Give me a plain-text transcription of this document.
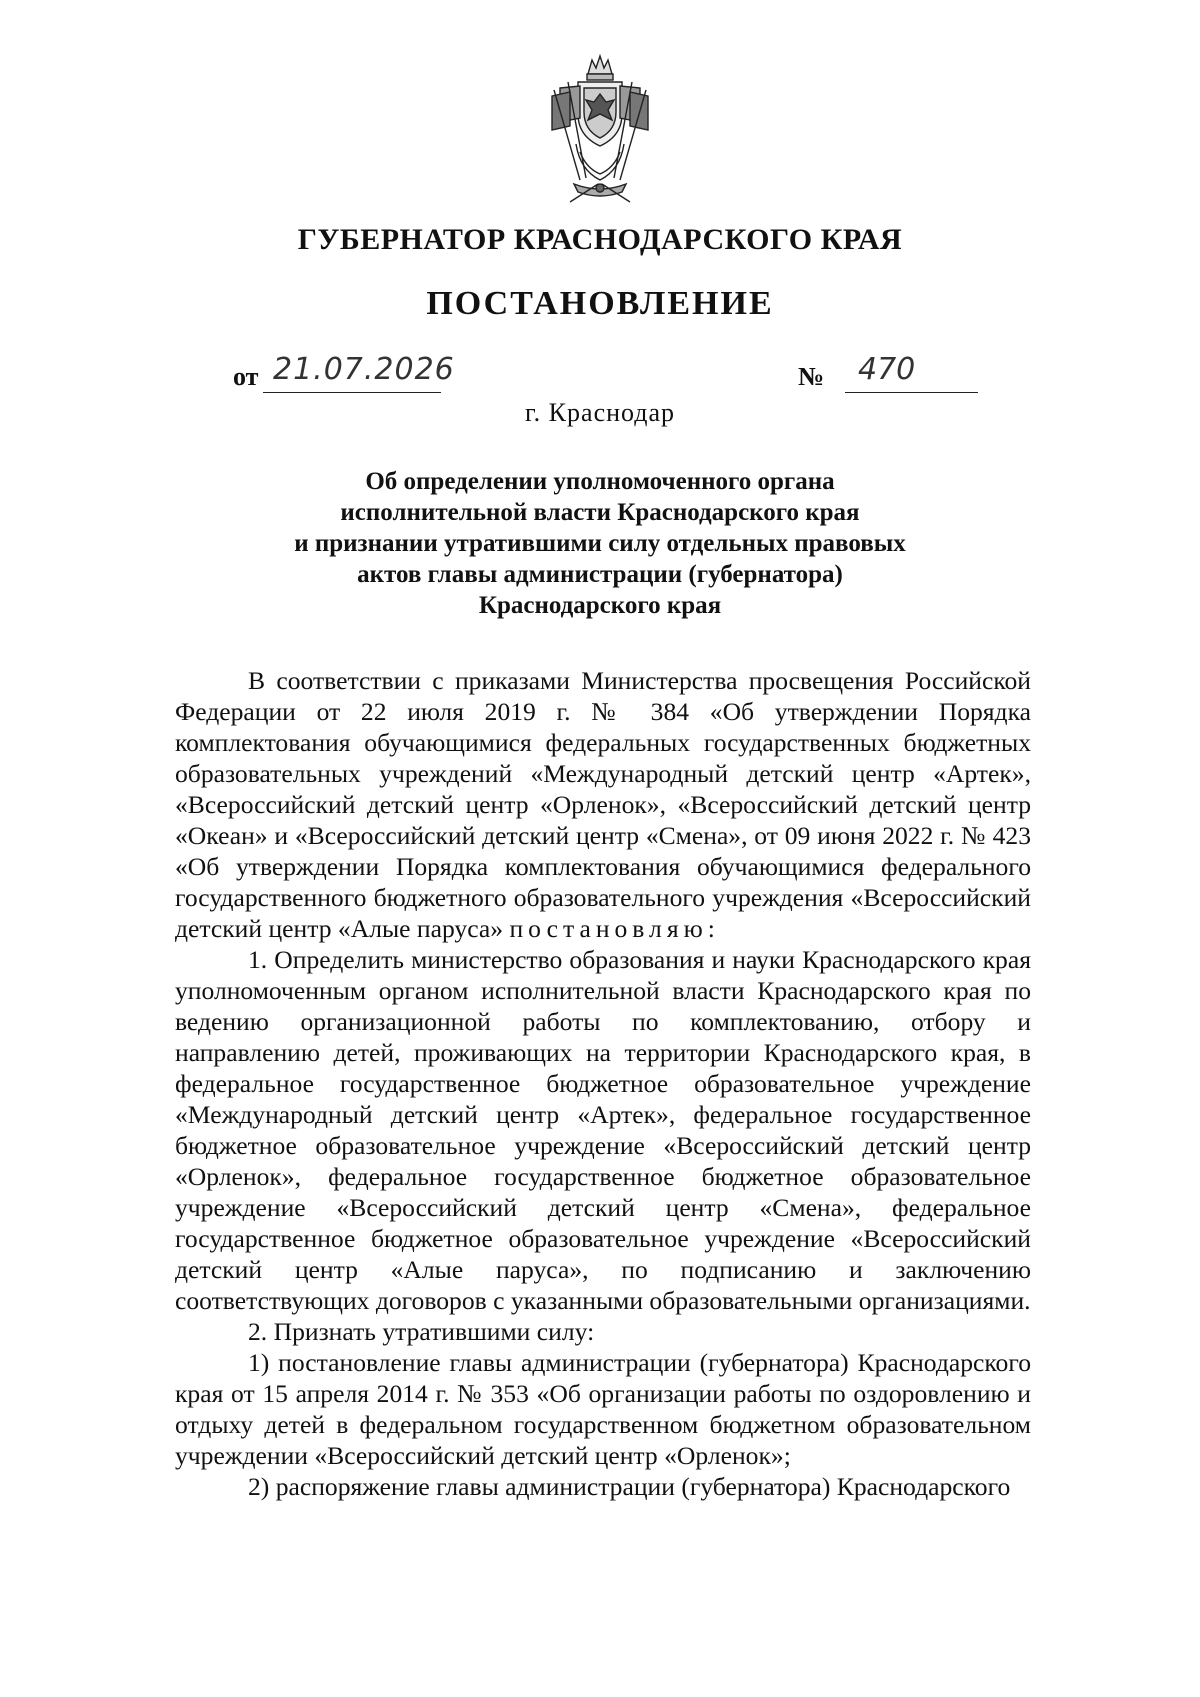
ГУБЕРНАТОР КРАСНОДАРСКОГО КРАЯ
ПОСТАНОВЛЕНИЕ
от 21.07.2026	№ 470
г. Краснодар
Об определении уполномоченного органа
исполнительной власти Краснодарского края
и признании утратившими силу отдельных правовых
актов главы администрации (губернатора)
Краснодарского края

В соответствии с приказами Министерства просвещения Российской Федерации от 22 июля 2019 г. № 384 «Об утверждении Порядка комплектования обучающимися федеральных государственных бюджетных образовательных учреждений «Международный детский центр «Артек», «Всероссийский детский центр «Орленок», «Всероссийский детский центр «Океан» и «Всероссийский детский центр «Смена», от 09 июня 2022 г. № 423 «Об утверждении Порядка комплектования обучающимися федерального государственного бюджетного образовательного учреждения «Всероссийский детский центр «Алые паруса» постановляю:

1. Определить министерство образования и науки Краснодарского края уполномоченным органом исполнительной власти Краснодарского края по ведению организационной работы по комплектованию, отбору и направлению детей, проживающих на территории Краснодарского края, в федеральное государственное бюджетное образовательное учреждение «Международный детский центр «Артек», федеральное государственное бюджетное образовательное учреждение «Всероссийский детский центр «Орленок», федеральное государственное бюджетное образовательное учреждение «Всероссийский детский центр «Смена», федеральное государственное бюджетное образовательное учреждение «Всероссийский детский центр «Алые паруса», по подписанию и заключению соответствующих договоров с указанными образовательными организациями.

2. Признать утратившими силу:

1) постановление главы администрации (губернатора) Краснодарского края от 15 апреля 2014 г. № 353 «Об организации работы по оздоровлению и отдыху детей в федеральном государственном бюджетном образовательном учреждении «Всероссийский детский центр «Орленок»;

2) распоряжение главы администрации (губернатора) Краснодарского
